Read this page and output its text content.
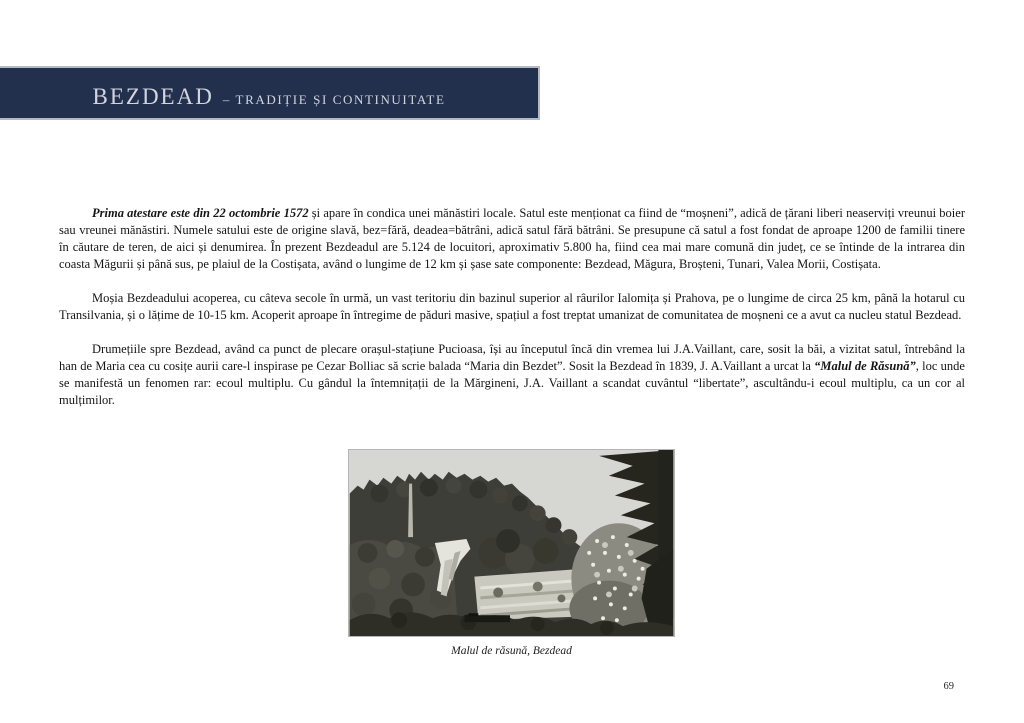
BEZDEAD – TRADIȚIE ȘI CONTINUITATE

Prima atestare este din 22 octombrie 1572 și apare în condica unei mănăstiri locale. Satul este menționat ca fiind de “moșneni”, adică de țărani liberi neaserviți vreunui boier sau vreunei mănăstiri. Numele satului este de origine slavă, bez=fără, deadea=bătrâni, adică satul fără bătrâni. Se presupune că satul a fost fondat de aproape 1200 de familii tinere în căutare de teren, de aici și denumirea. În prezent Bezdeadul are 5.124 de locuitori, aproximativ 5.800 ha, fiind cea mai mare comună din județ, ce se întinde de la intrarea din coasta Măgurii și până sus, pe plaiul de la Costișata, având o lungime de 12 km și șase sate componente: Bezdead, Măgura, Broșteni, Tunari, Valea Morii, Costișata.

Moșia Bezdeadului acoperea, cu câteva secole în urmă, un vast teritoriu din bazinul superior al râurilor Ialomița și Prahova, pe o lungime de circa 25 km, până la hotarul cu Transilvania, și o lățime de 10-15 km. Acoperit aproape în întregime de păduri masive, spațiul a fost treptat umanizat de comunitatea de moșneni ce a avut ca nucleu statul Bezdead.

Drumețiile spre Bezdead, având ca punct de plecare orașul-stațiune Pucioasa, își au începutul încă din vremea lui J.A.Vaillant, care, sosit la băi, a vizitat satul, întrebând la han de Maria cea cu cosițe aurii care-l inspirase pe Cezar Bolliac să scrie balada “Maria din Bezdet”. Sosit la Bezdead în 1839, J. A.Vaillant a urcat la “Malul de Răsună”, loc unde se manifestă un fenomen rar: ecoul multiplu. Cu gândul la întemnițații de la Mărgineni, J.A. Vaillant a scandat cuvântul “libertate”, ascultându-i ecoul multiplu, ca un cor al mulțimilor.

Malul de răsună, Bezdead
69
